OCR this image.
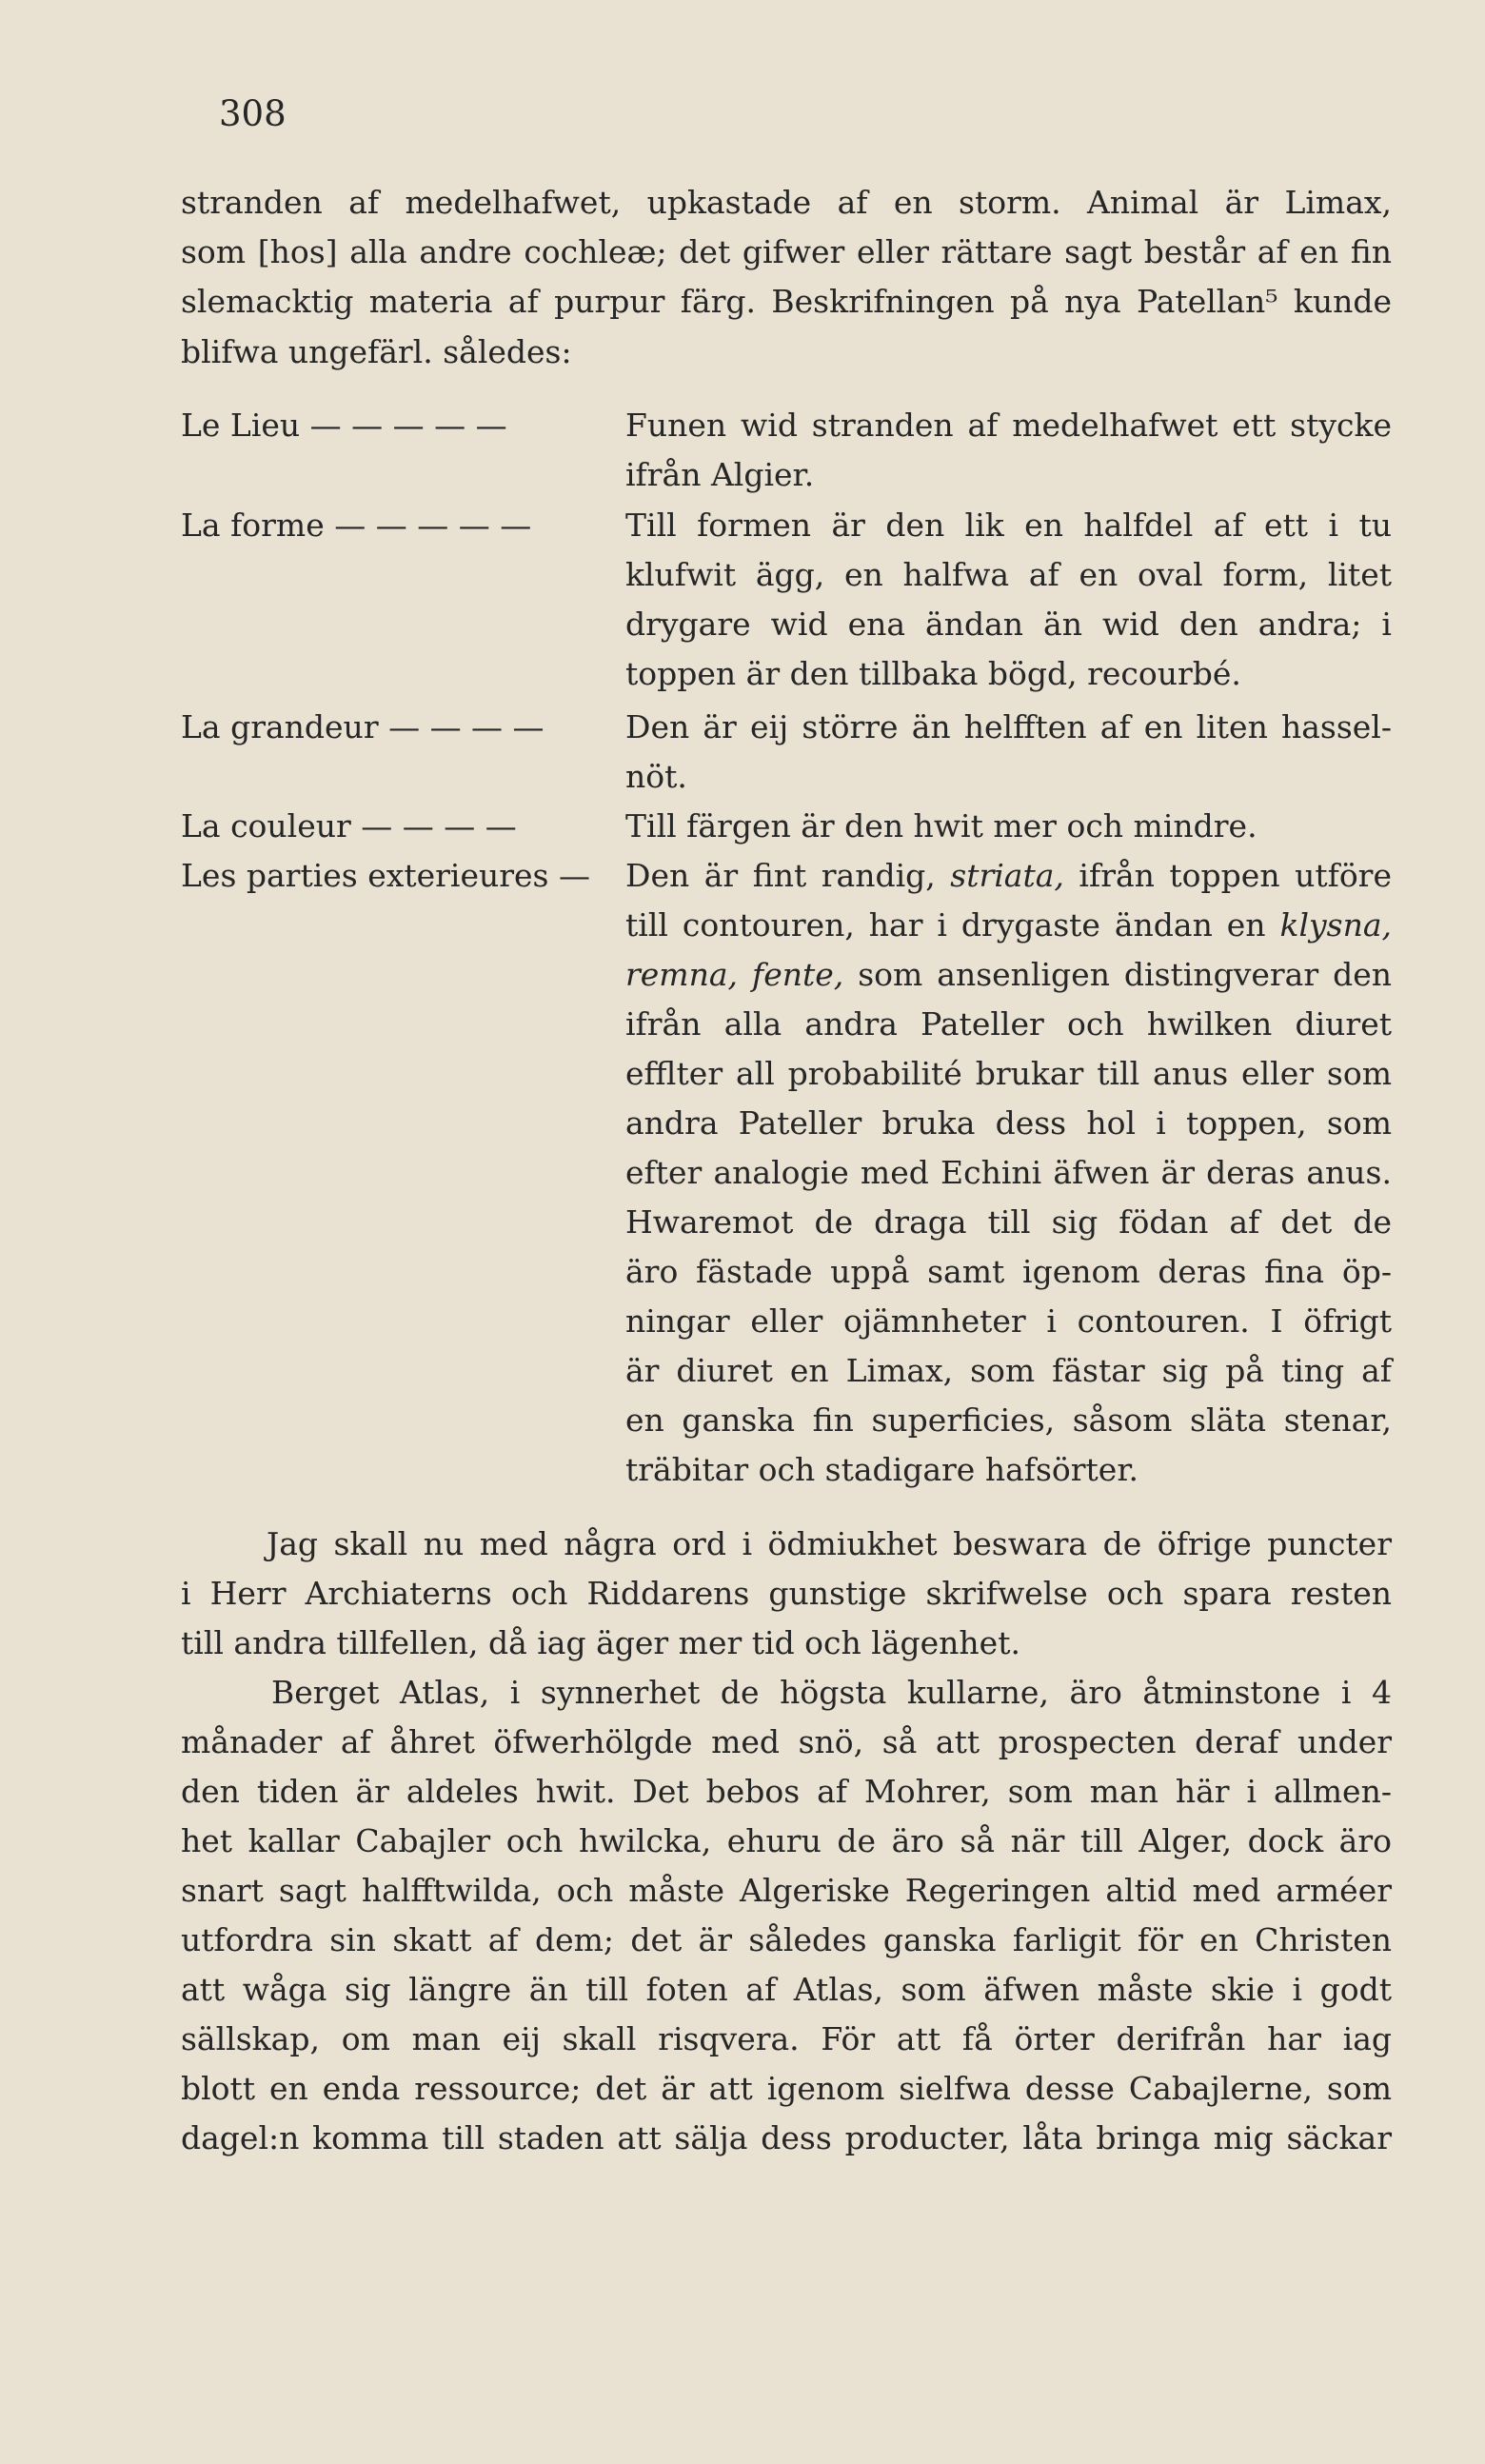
308
stranden af medelhafwet, upkastade af en storm. Animal är Limax,
som [hos] alla andre cochleæ; det gifwer eller rättare sagt består af en fin
slemacktig materia af purpur färg. Beskrifningen på nya Patellan⁵ kunde
blifwa ungefärl. således:
Le Lieu — — — — —	Funen wid stranden af medelhafwet ett stycke
ifrån Algier.
La forme — — — — —	Till formen är den lik en halfdel af ett i tu
klufwit ägg, en halfwa af en oval form, litet
drygare wid ena ändan än wid den andra; i
toppen är den tillbaka bögd, recourbé.
La grandeur — — — —	Den är eij större än helfften af en liten hassel-
nöt.
La couleur — — — —	Till färgen är den hwit mer och mindre.
Les parties exterieures —	Den är fint randig, striata, ifrån toppen utföre
till contouren, har i drygaste ändan en klysna,
remna, fente, som ansenligen distingverar den
ifrån alla andra Pateller och hwilken diuret
efflter all probabilité brukar till anus eller som
andra Pateller bruka dess hol i toppen, som
efter analogie med Echini äfwen är deras anus.
Hwaremot de draga till sig födan af det de
äro fästade uppå samt igenom deras fina öp-
ningar eller ojämnheter i contouren. I öfrigt
är diuret en Limax, som fästar sig på ting af
en ganska fin superficies, såsom släta stenar,
träbitar och stadigare hafsörter.
Jag skall nu med några ord i ödmiukhet beswara de öfrige puncter
i Herr Archiaterns och Riddarens gunstige skrifwelse och spara resten
till andra tillfellen, då iag äger mer tid och lägenhet.
Berget Atlas, i synnerhet de högsta kullarne, äro åtminstone i 4
månader af åhret öfwerhölgde med snö, så att prospecten deraf under
den tiden är aldeles hwit. Det bebos af Mohrer, som man här i allmen-
het kallar Cabajler och hwilcka, ehuru de äro så när till Alger, dock äro
snart sagt halfftwilda, och måste Algeriske Regeringen altid med arméer
utfordra sin skatt af dem; det är således ganska farligit för en Christen
att wåga sig längre än till foten af Atlas, som äfwen måste skie i godt
sällskap, om man eij skall risqvera. För att få örter derifrån har iag
blott en enda ressource; det är att igenom sielfwa desse Cabajlerne, som
dagel:n komma till staden att sälja dess producter, låta bringa mig säckar
